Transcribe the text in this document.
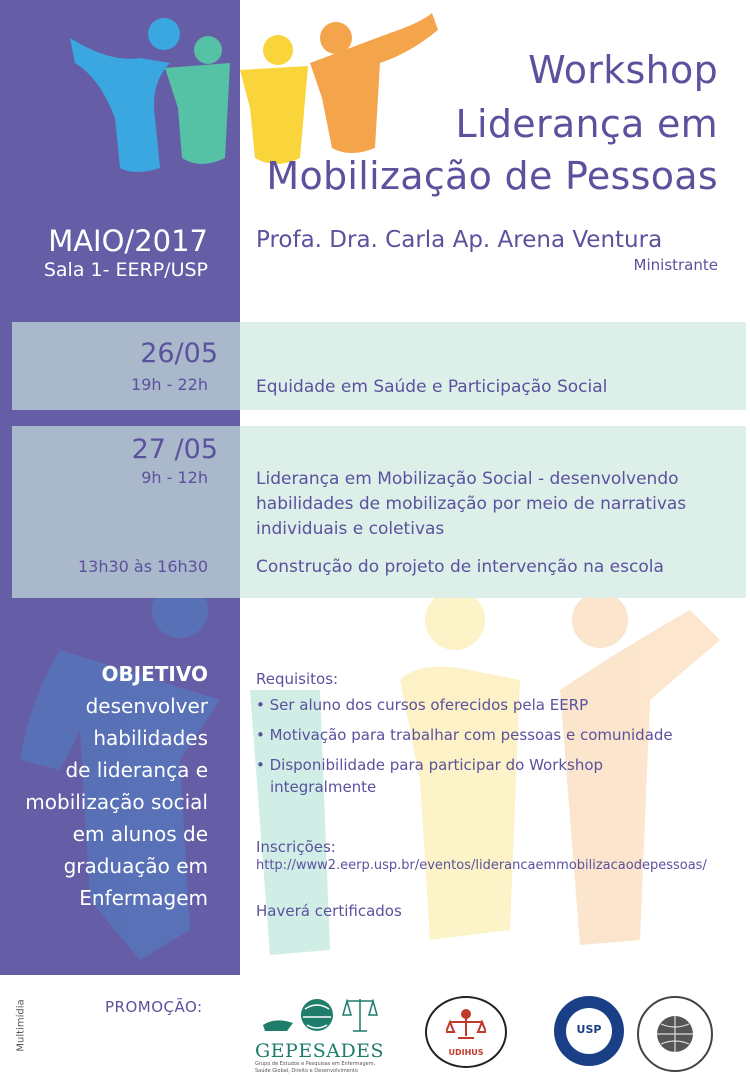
Workshop
Liderança em
Mobilização de Pessoas
MAIO/2017
Sala 1- EERP/USP
Profa. Dra. Carla Ap. Arena Ventura
Ministrante
26/05
19h - 22h	Equidade em Saúde e Participação Social
27 /05
9h - 12h	Liderança em Mobilização Social - desenvolvendo
habilidades de mobilização por meio de narrativas
individuais e coletivas
13h30 às 16h30	Construção do projeto de intervenção na escola
OBJETIVO
desenvolver
habilidades
de liderança e
mobilização social
em alunos de
graduação em
Enfermagem
Requisitos:
• Ser aluno dos cursos oferecidos pela EERP
• Motivação para trabalhar com pessoas e comunidade
• Disponibilidade para participar do Workshop
integralmente
Inscrições:
http://www2.eerp.usp.br/eventos/liderancaemmobilizacaodepessoas/
Haverá certificados
Multimídia	PROMOÇÃO:
GEPESADES
Grupo de Estudos e Pesquisas em Enfermagem,
Saúde Global, Direito e Desenvolvimento
UDIHUS
USP
